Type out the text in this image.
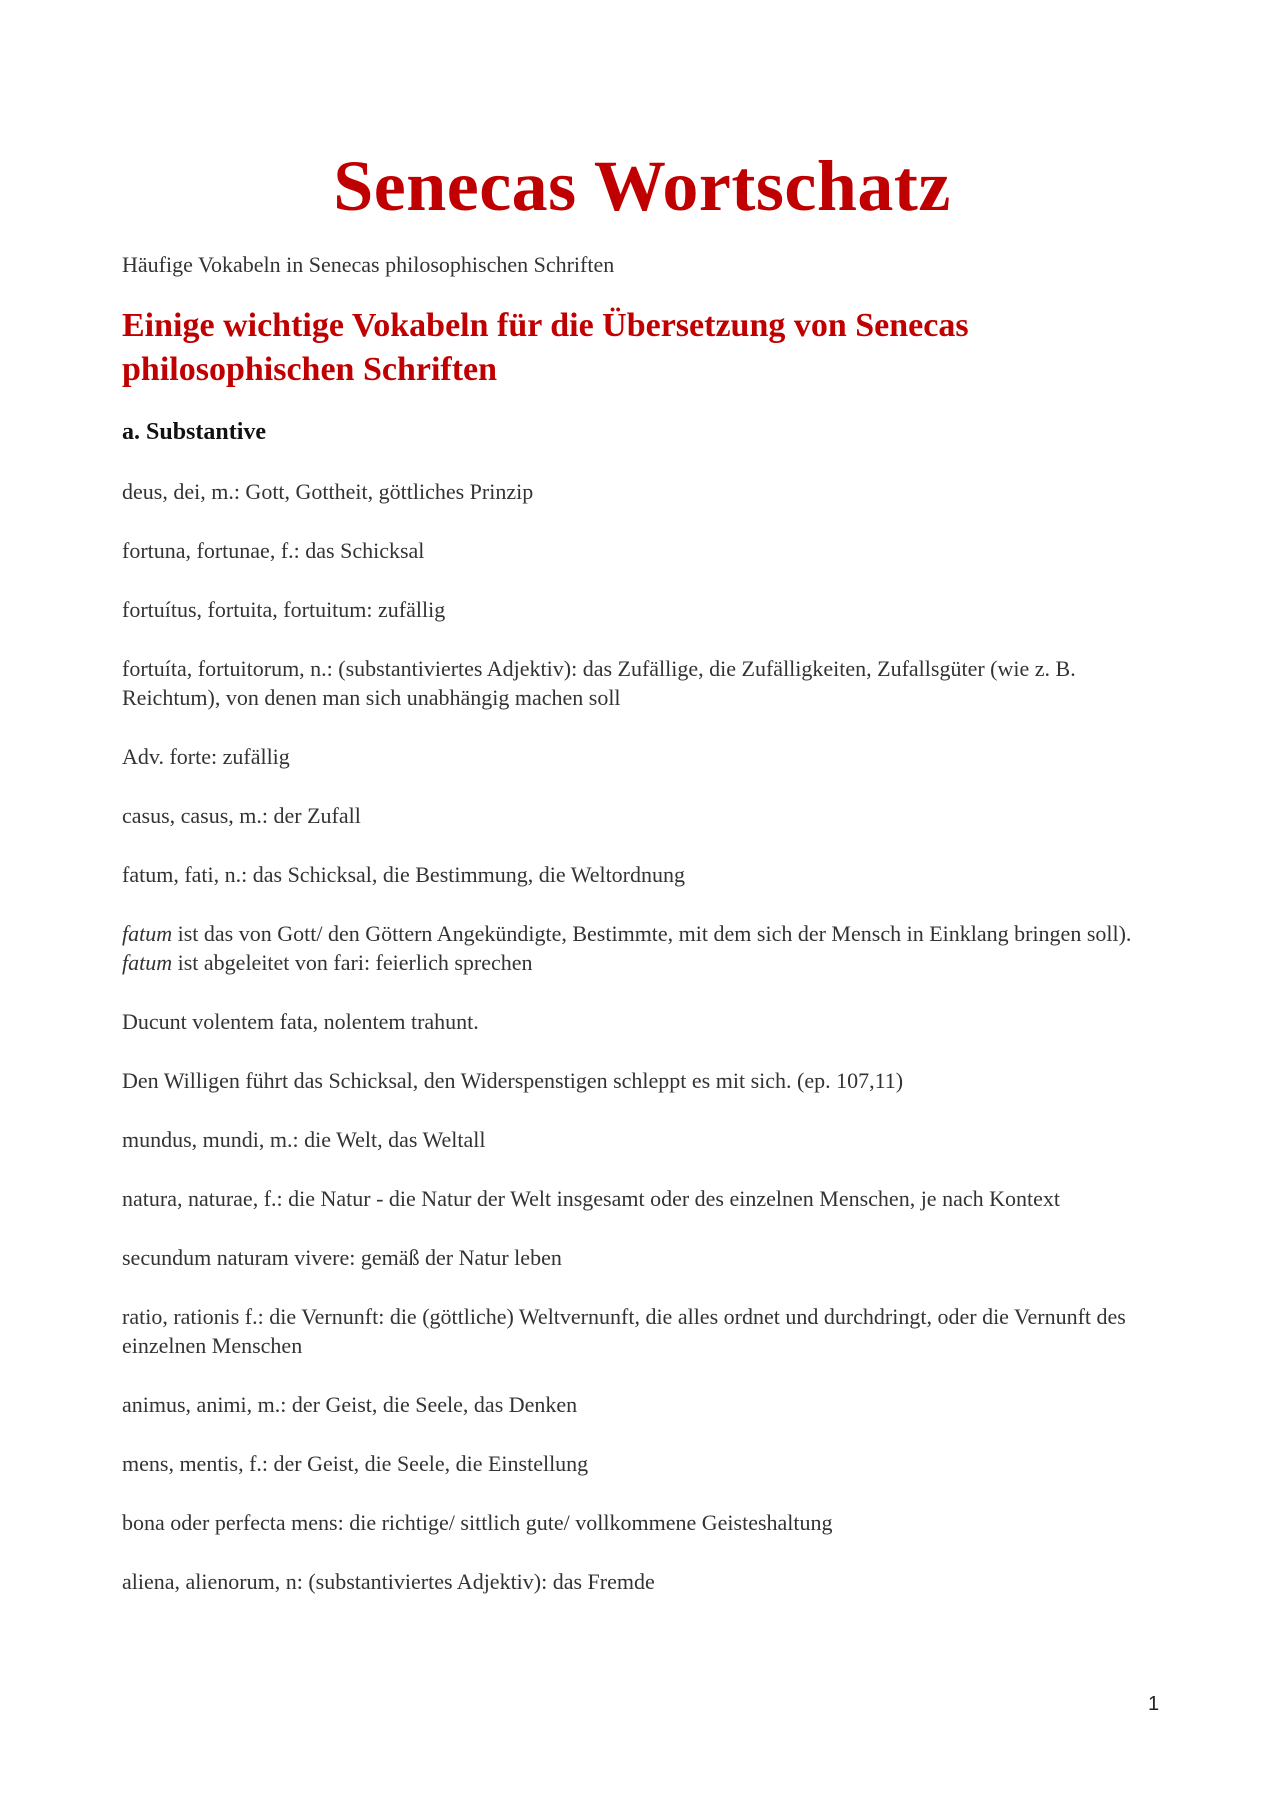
Senecas Wortschatz

Häufige Vokabeln in Senecas philosophischen Schriften

Einige wichtige Vokabeln für die Übersetzung von Senecas philosophischen Schriften
a. Substantive

deus, dei, m.: Gott, Gottheit, göttliches Prinzip

fortuna, fortunae, f.: das Schicksal

fortuítus, fortuita, fortuitum: zufällig

fortuíta, fortuitorum, n.: (substantiviertes Adjektiv): das Zufällige, die Zufälligkeiten, Zufallsgüter (wie z. B. Reichtum), von denen man sich unabhängig machen soll

Adv. forte: zufällig

casus, casus, m.: der Zufall

fatum, fati, n.: das Schicksal, die Bestimmung, die Weltordnung

fatum ist das von Gott/ den Göttern Angekündigte, Bestimmte, mit dem sich der Mensch in Einklang bringen soll). fatum ist abgeleitet von fari: feierlich sprechen

Ducunt volentem fata, nolentem trahunt.

Den Willigen führt das Schicksal, den Widerspenstigen schleppt es mit sich. (ep. 107,11)

mundus, mundi, m.: die Welt, das Weltall

natura, naturae, f.: die Natur - die Natur der Welt insgesamt oder des einzelnen Menschen, je nach Kontext

secundum naturam vivere: gemäß der Natur leben

ratio, rationis f.: die Vernunft: die (göttliche) Weltvernunft, die alles ordnet und durchdringt, oder die Vernunft des einzelnen Menschen

animus, animi, m.: der Geist, die Seele, das Denken

mens, mentis, f.: der Geist, die Seele, die Einstellung

bona oder perfecta mens: die richtige/ sittlich gute/ vollkommene Geisteshaltung

aliena, alienorum, n: (substantiviertes Adjektiv): das Fremde

1
